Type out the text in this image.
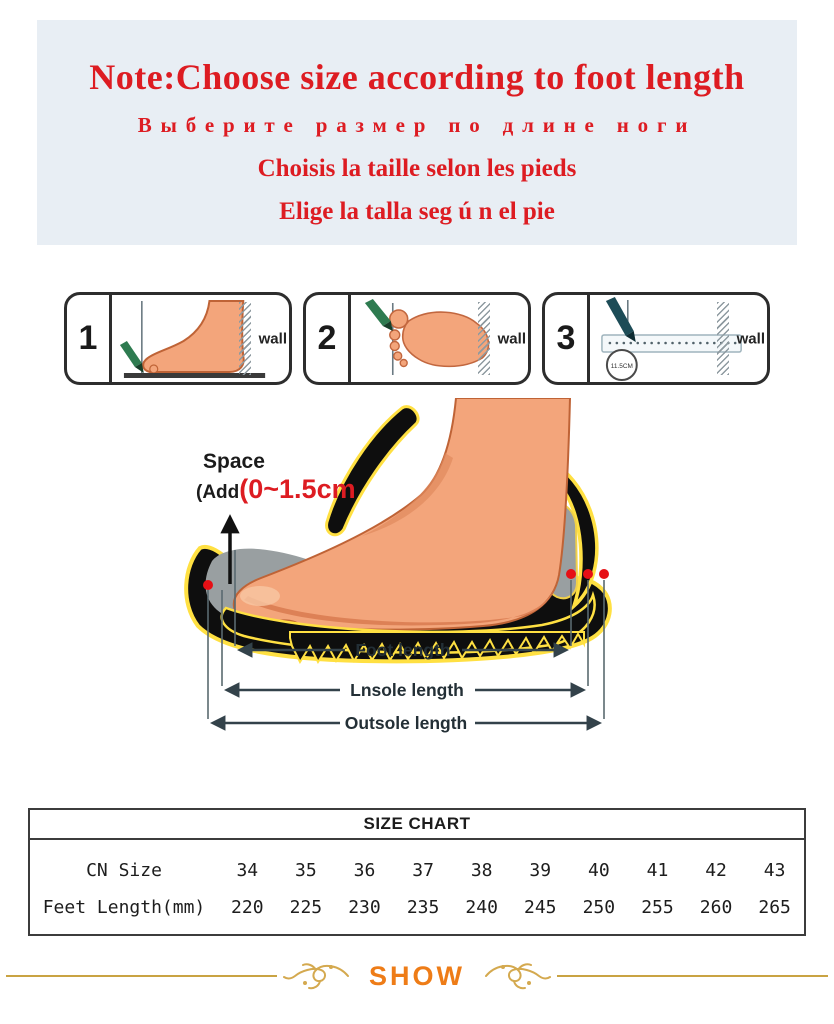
Note:Choose size according to foot length
Выберите размер по длине ноги
Choisis la taille selon les pieds
Elige la talla seg ú n el pie
1	wall 2	wall 3
11.5CM
wall
Space
(Add(0~1.5cm
Foot length
Lnsole length
Outsole length
SIZE CHART
CN Size	34	35	36	37	38	39	40	41	42	43
Feet Length(mm)	220	225	230	235	240	245	250	255	260	265
SHOW
